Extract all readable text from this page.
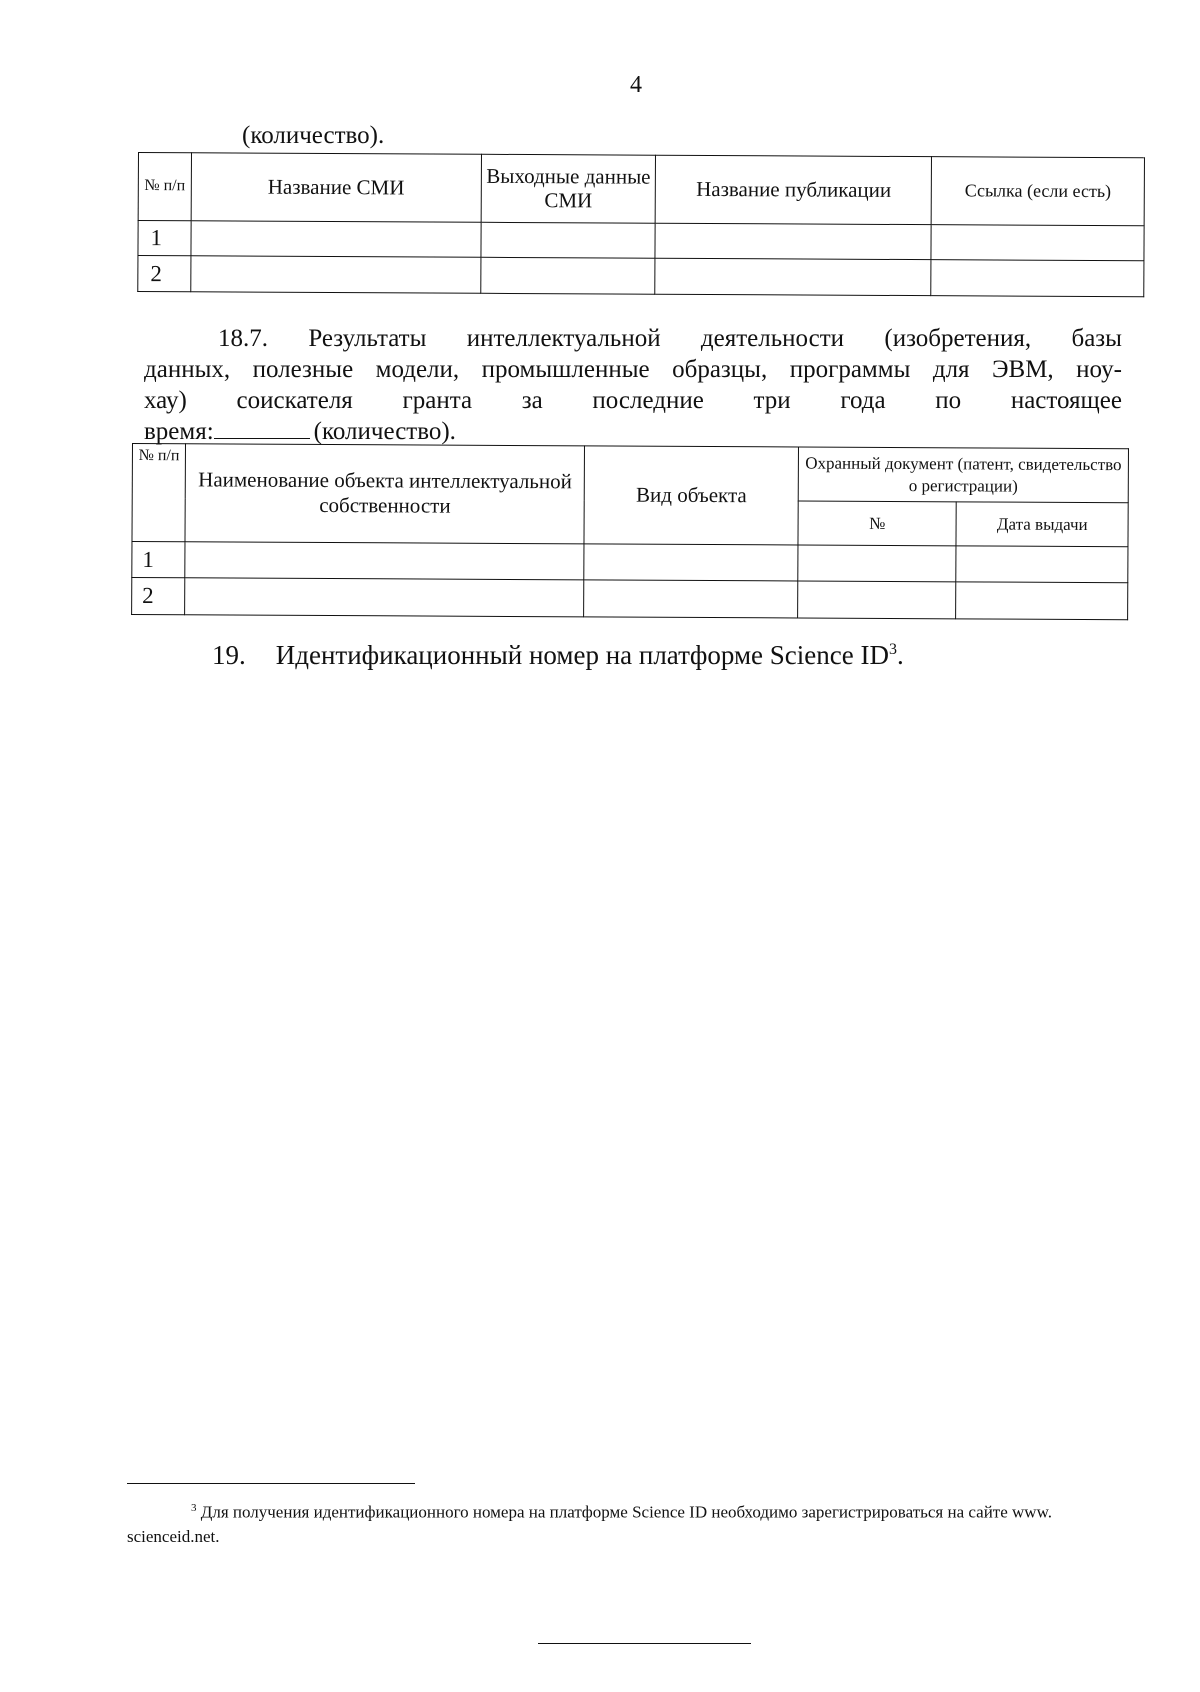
4
(количество).
№ п/п	Название СМИ	Выходные данные СМИ	Название публикации	Ссылка (если есть)
1				
2				
18.7. Результаты интеллектуальной деятельности (изобретения, базы
данных, полезные модели, промышленные образцы, программы для ЭВМ, ноу-
хау) соискателя гранта за последние три года по настоящее
время:	(количество).
№ п/п	Наименование объекта интеллектуальной собственности	Вид объекта	Охранный документ (патент, свидетельство о регистрации)	
			№	Дата выдачи
1				
2				
19. Идентификационный номер на платформе Science $ID^3$.
$^3$ Для получения идентификационного номера на платформе Science ID необходимо зарегистрироваться на сайте www. scienceid.net.
